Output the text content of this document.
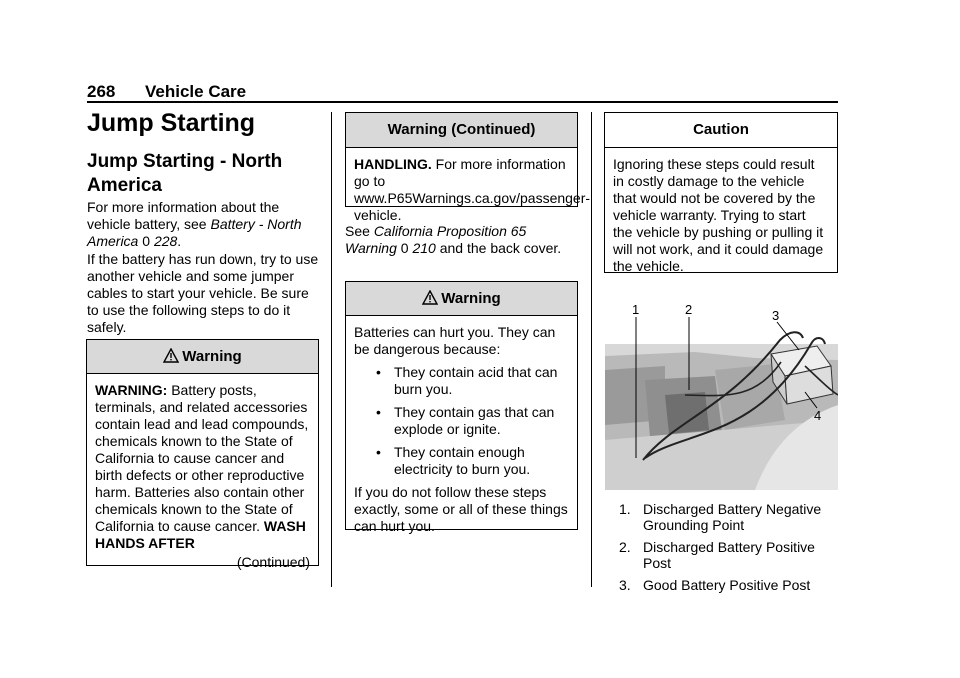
268 Vehicle Care
Jump Starting
Jump Starting - North America
For more information about the vehicle battery, see Battery - North America 0 228.
If the battery has run down, try to use another vehicle and some jumper cables to start your vehicle. Be sure to use the following steps to do it safely.
Warning
WARNING: Battery posts, terminals, and related accessories contain lead and lead compounds, chemicals known to the State of California to cause cancer and birth defects or other reproductive harm. Batteries also contain other chemicals known to the State of California to cause cancer. WASH HANDS AFTER
(Continued)
Warning (Continued)
HANDLING. For more information go to www.P65Warnings.ca.gov/passenger-vehicle.
See California Proposition 65 Warning 0 210 and the back cover.
Warning
Batteries can hurt you. They can be dangerous because:
• They contain acid that can burn you.
• They contain gas that can explode or ignite.
• They contain enough electricity to burn you.
If you do not follow these steps exactly, some or all of these things can hurt you.
Caution
Ignoring these steps could result in costly damage to the vehicle that would not be covered by the vehicle warranty. Trying to start the vehicle by pushing or pulling it will not work, and it could damage the vehicle.
1	2	3
4
1. Discharged Battery Negative Grounding Point
2. Discharged Battery Positive Post
3. Good Battery Positive Post
